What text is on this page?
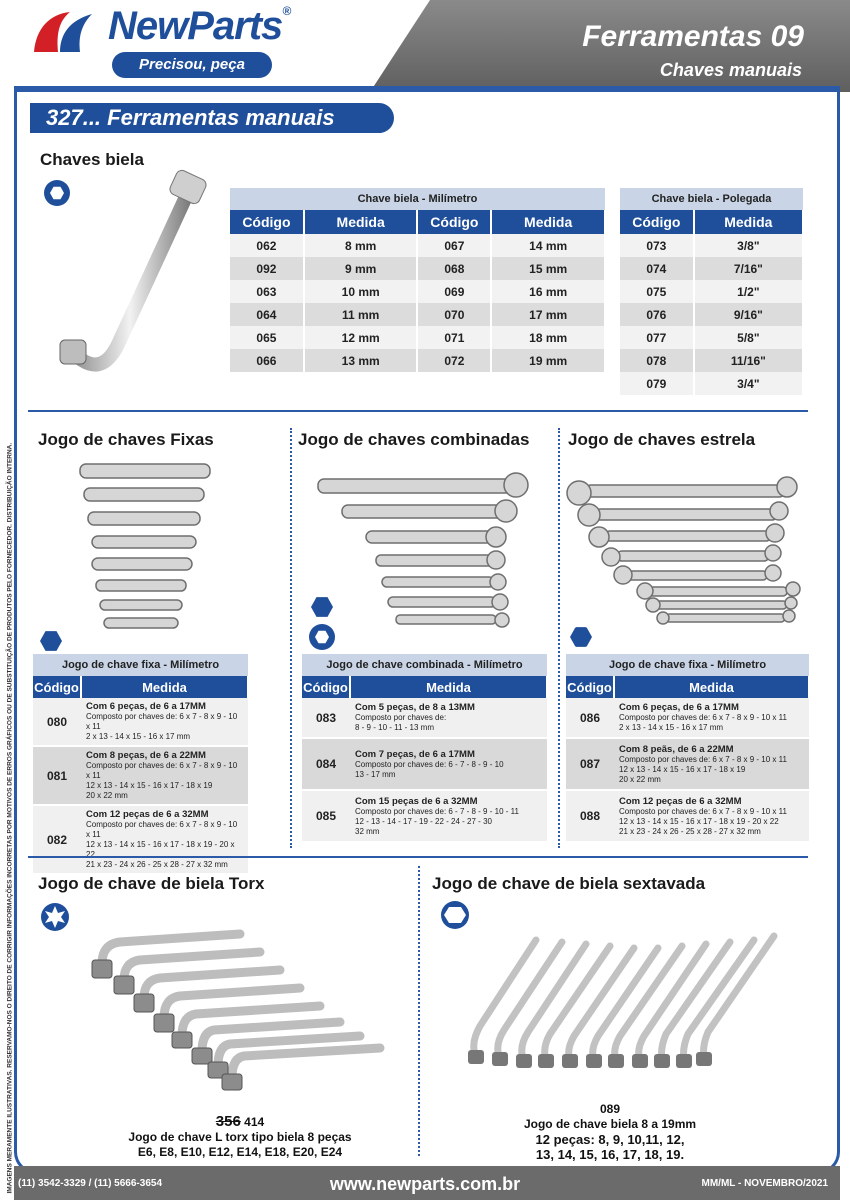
NewParts®
Precisou, peça
Ferramentas 09
Chaves manuais
IMAGENS MERAMENTE ILUSTRATIVAS. RESERVAMO-NOS O DIREITO DE CORRIGIR INFORMAÇÕES INCORRETAS POR MOTIVOS DE ERROS GRÁFICOS OU DE SUBSTITUIÇÃO DE PRODUTOS PELO FORNECEDOR. DISTRIBUIÇÃO INTERNA.
327... Ferramentas manuais
Chaves biela
Chave biela - Milímetro			
Código	Medida	Código	Medida
062	8 mm	067	14 mm
092	9 mm	068	15 mm
063	10 mm	069	16 mm
064	11 mm	070	17 mm
065	12 mm	071	18 mm
066	13 mm	072	19 mm
Chave biela - Polegada	
Código	Medida
073	3/8"
074	7/16"
075	1/2"
076	9/16"
077	5/8"
078	11/16"
079	3/4"
Jogo de chaves Fixas
Jogo de chave fixa - Milímetro	
Código	Medida
080	Com 6 peças, de 6 a 17MM
Composto por chaves de: 6 x 7 - 8 x 9 - 10 x 11
2 x 13 - 14 x 15 - 16 x 17 mm

081	Com 8 peças, de 6 a 22MM
Composto por chaves de: 6 x 7 - 8 x 9 - 10 x 11
12 x 13 - 14 x 15 - 16 x 17 - 18 x 19
20 x 22 mm

082	Com 12 peças de 6 a 32MM
Composto por chaves de: 6 x 7 - 8 x 9 - 10 x 11
12 x 13 - 14 x 15 - 16 x 17 - 18 x 19 - 20 x 22
21 x 23 - 24 x 26 - 25 x 28 - 27 x 32 mm
Jogo de chaves combinadas
Jogo de chave combinada - Milímetro	
Código	Medida
083	Com 5 peças, de 8 a 13MM
Composto por chaves de:
8 - 9 - 10 - 11 - 13 mm

084	Com 7 peças, de 6 a 17MM
Composto por chaves de: 6 - 7 - 8 - 9 - 10
13 - 17 mm

085	Com 15 peças de 6 a 32MM
Composto por chaves de: 6 - 7 - 8 - 9 - 10 - 11
12 - 13 - 14 - 17 - 19 - 22 - 24 - 27 - 30
32 mm
Jogo de chaves estrela
Jogo de chave fixa - Milímetro	
Código	Medida
086	Com 6 peças, de 6 a 17MM
Composto por chaves de: 6 x 7 - 8 x 9 - 10 x 11
2 x 13 - 14 x 15 - 16 x 17 mm

087	Com 8 peãs, de 6 a 22MM
Composto por chaves de: 6 x 7 - 8 x 9 - 10 x 11
12 x 13 - 14 x 15 - 16 x 17 - 18 x 19
20 x 22 mm

088	Com 12 peças de 6 a 32MM
Composto por chaves de: 6 x 7 - 8 x 9 - 10 x 11
12 x 13 - 14 x 15 - 16 x 17 - 18 x 19 - 20 x 22
21 x 23 - 24 x 26 - 25 x 28 - 27 x 32 mm
Jogo de chave de biela Torx
356 414
Jogo de chave L torx tipo biela 8 peças
E6, E8, E10, E12, E14, E18, E20, E24
Jogo de chave de biela sextavada
089
Jogo de chave biela 8 a 19mm
12 peças: 8, 9, 10,11, 12,
13, 14, 15, 16, 17, 18, 19.
(11) 3542-3329 / (11) 5666-3654	www.newparts.com.br	MM/ML - NOVEMBRO/2021
